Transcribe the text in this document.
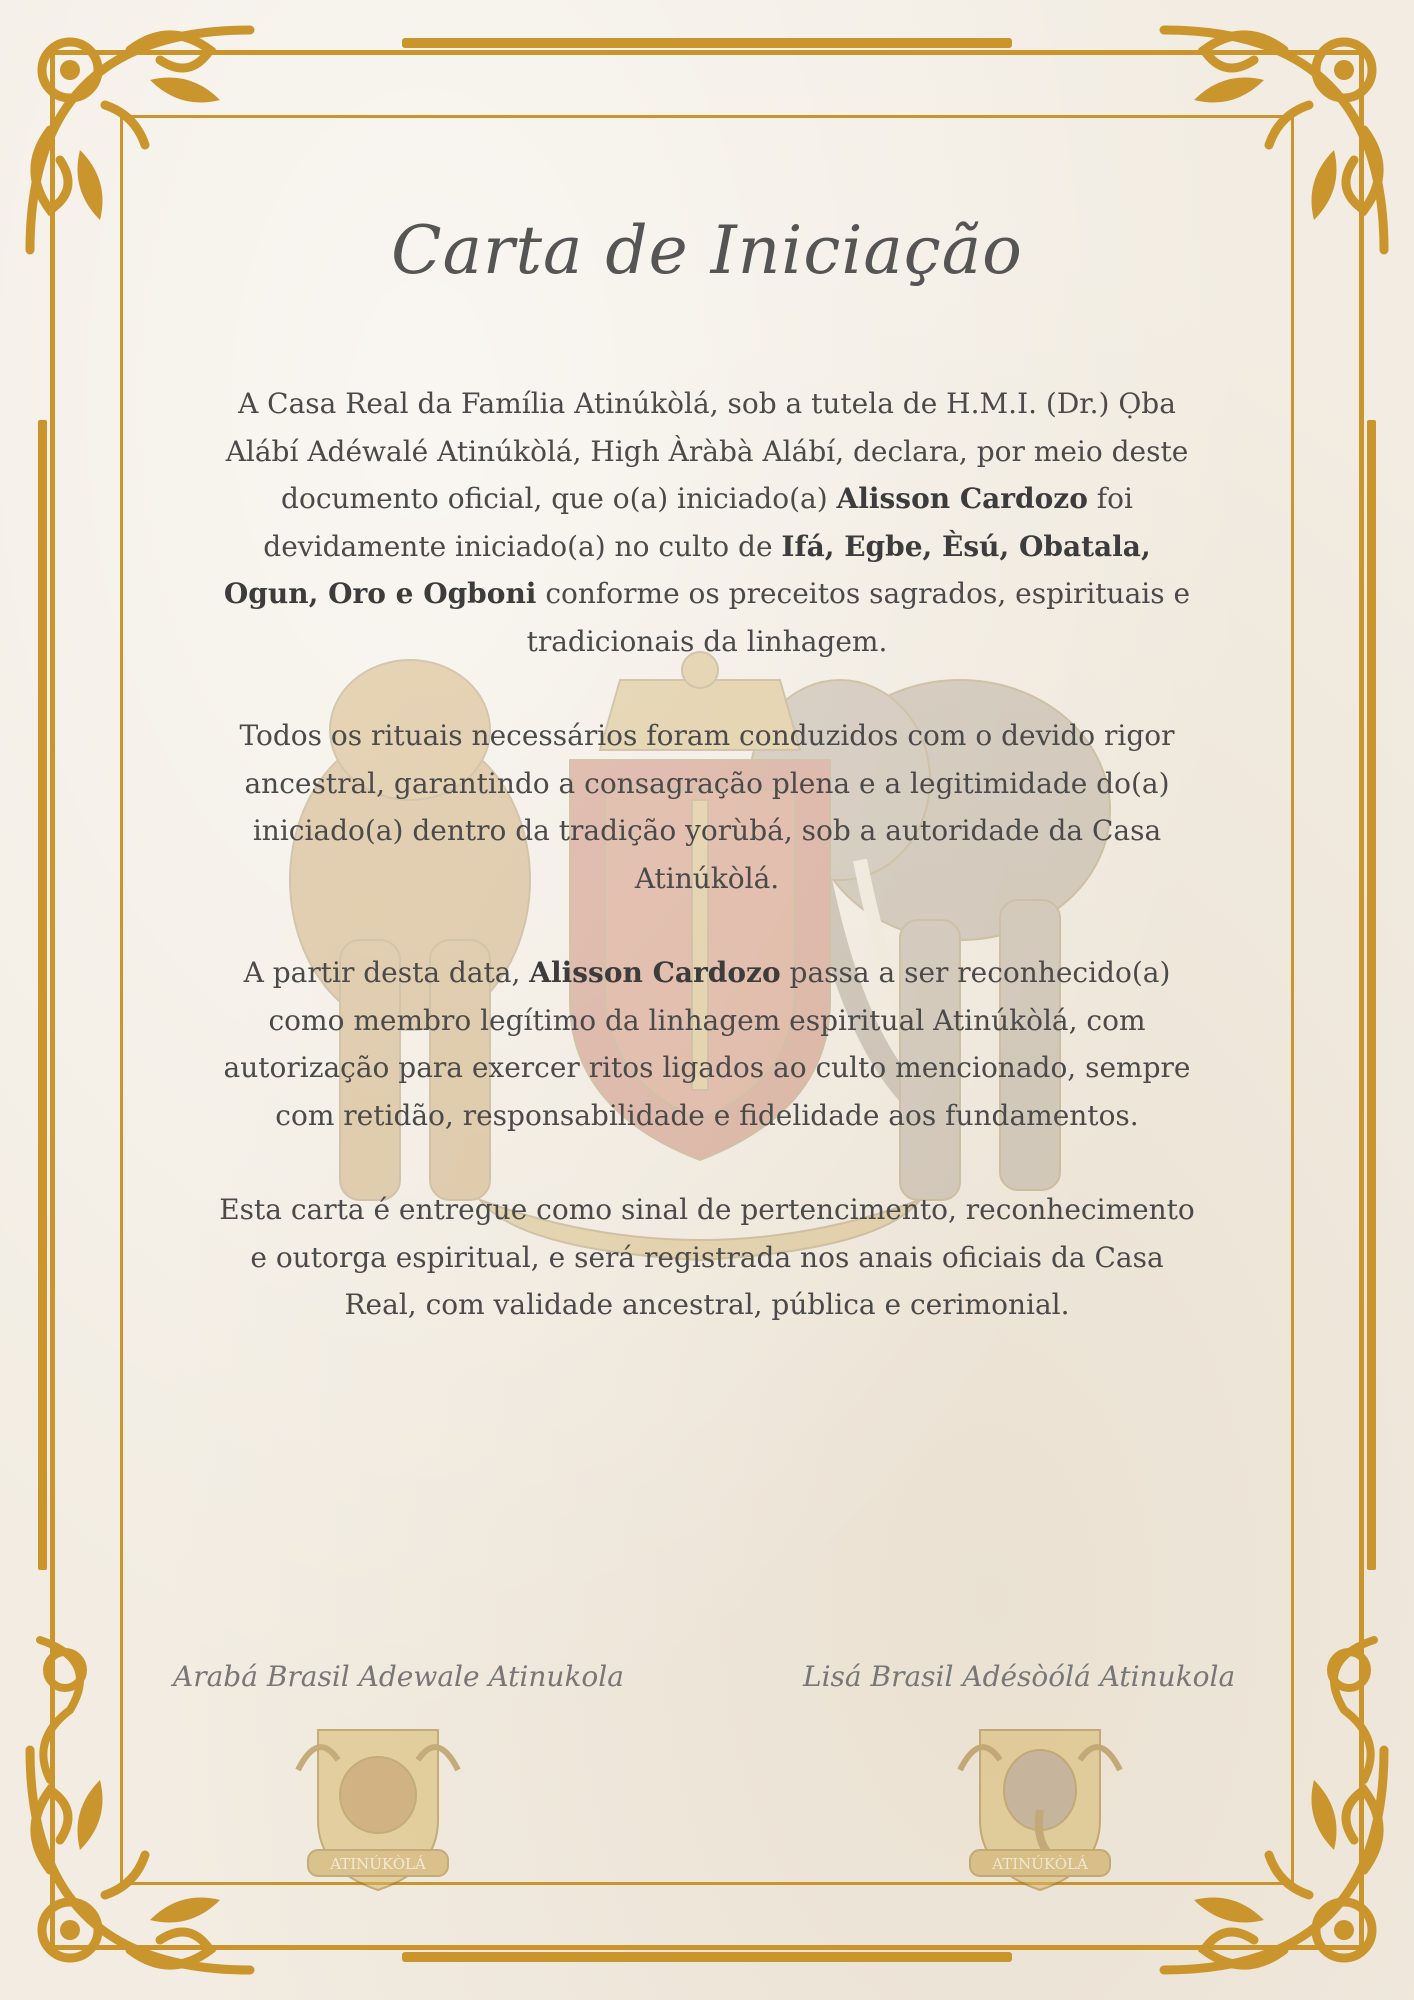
Carta de Iniciação

A Casa Real da Família Atinúkòlá, sob a tutela de H.M.I. (Dr.) Ọba Alábí Adéwalé Atinúkòlá, High Àràbà Alábí, declara, por meio deste documento oficial, que o(a) iniciado(a) Alisson Cardozo foi devidamente iniciado(a) no culto de Ifá, Egbe, Èsú, Obatala, Ogun, Oro e Ogboni conforme os preceitos sagrados, espirituais e tradicionais da linhagem.

Todos os rituais necessários foram conduzidos com o devido rigor ancestral, garantindo a consagração plena e a legitimidade do(a) iniciado(a) dentro da tradição yorùbá, sob a autoridade da Casa Atinúkòlá.

A partir desta data, Alisson Cardozo passa a ser reconhecido(a) como membro legítimo da linhagem espiritual Atinúkòlá, com autorização para exercer ritos ligados ao culto mencionado, sempre com retidão, responsabilidade e fidelidade aos fundamentos.

Esta carta é entregue como sinal de pertencimento, reconhecimento e outorga espiritual, e será registrada nos anais oficiais da Casa Real, com validade ancestral, pública e cerimonial.

Arabá Brasil Adewale Atinukola	Lisá Brasil Adésòólá Atinukola
ATINÚKÒLÁ	ATINÚKÒLÁ
